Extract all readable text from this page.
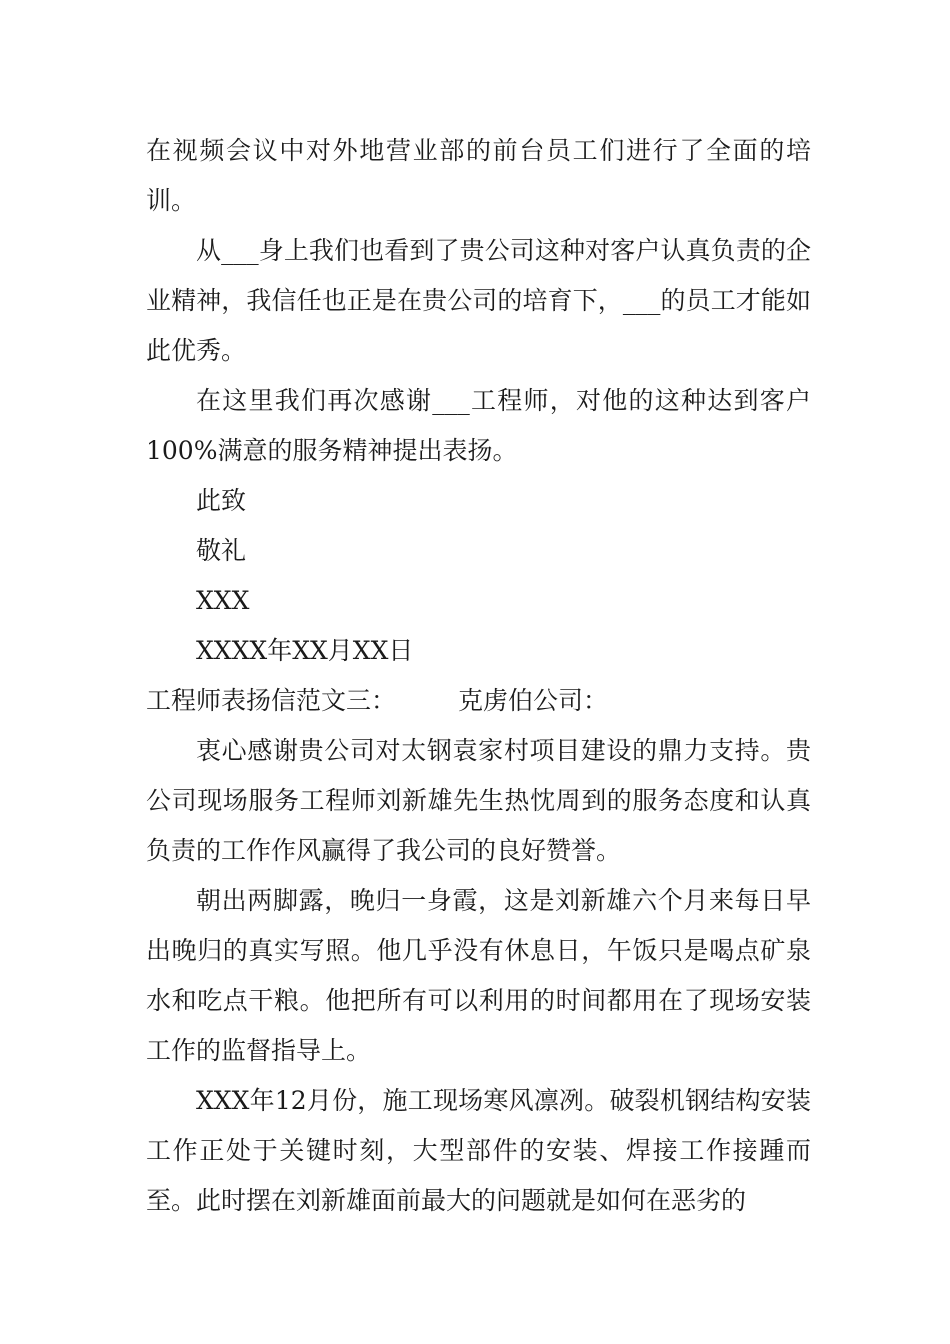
在视频会议中对外地营业部的前台员工们进行了全面的培训。

从___身上我们也看到了贵公司这种对客户认真负责的企业精神，我信任也正是在贵公司的培育下，___的员工才能如此优秀。

在这里我们再次感谢___工程师，对他的这种达到客户100%满意的服务精神提出表扬。

此致

敬礼

XXX

XXXX年XX月XX日

工程师表扬信范文三： 克虏伯公司：

衷心感谢贵公司对太钢袁家村项目建设的鼎力支持。贵公司现场服务工程师刘新雄先生热忱周到的服务态度和认真负责的工作作风赢得了我公司的良好赞誉。

朝出两脚露，晚归一身霞，这是刘新雄六个月来每日早出晚归的真实写照。他几乎没有休息日，午饭只是喝点矿泉水和吃点干粮。他把所有可以利用的时间都用在了现场安装工作的监督指导上。

XXX年12月份，施工现场寒风凛冽。破裂机钢结构安装工作正处于关键时刻，大型部件的安装、焊接工作接踵而至。此时摆在刘新雄面前最大的问题就是如何在恶劣的
